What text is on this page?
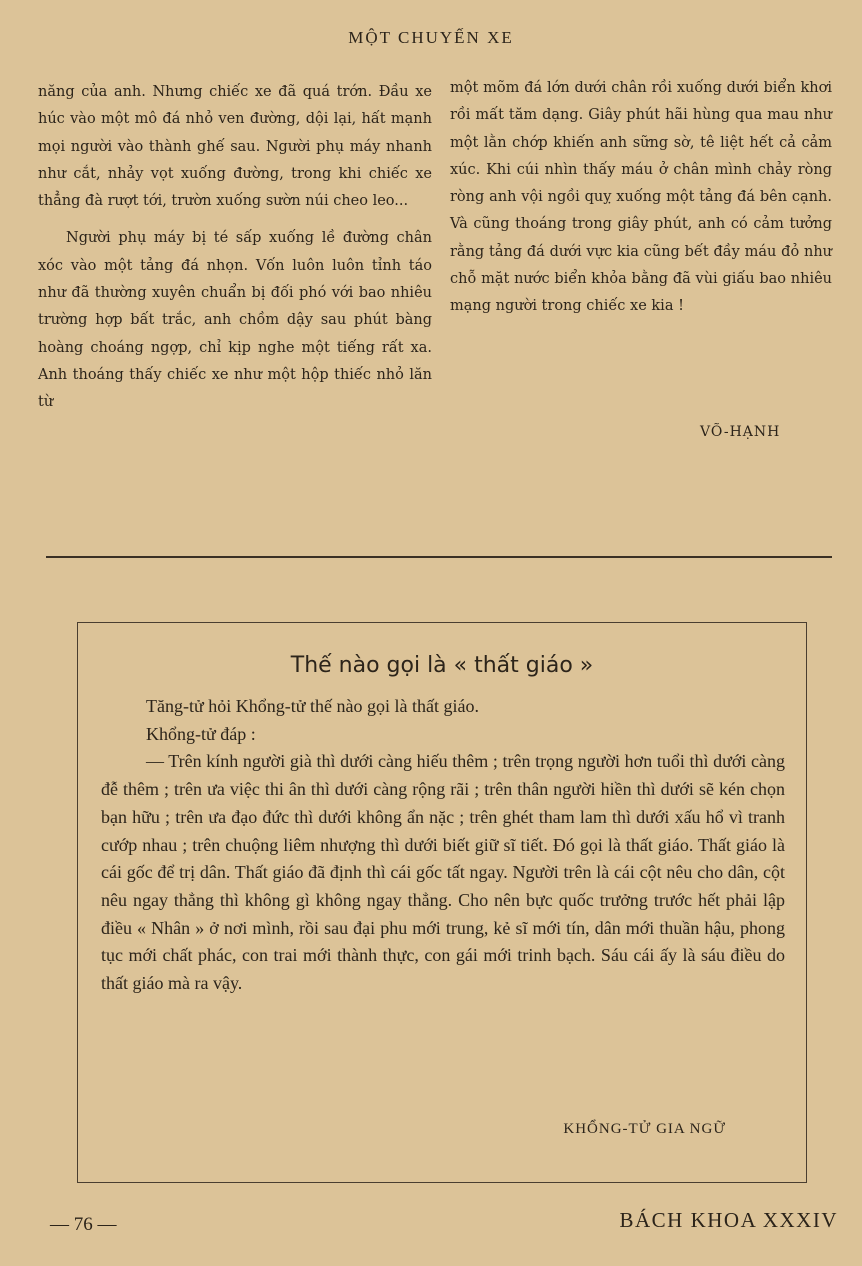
MỘT CHUYẾN XE

năng của anh. Nhưng chiếc xe đã quá trớn. Đầu xe húc vào một mô đá nhỏ ven đường, dội lại, hất mạnh mọi người vào thành ghế sau. Người phụ máy nhanh như cắt, nhảy vọt xuống đường, trong khi chiếc xe thẳng đà rượt tới, trườn xuống sườn núi cheo leo...

Người phụ máy bị té sấp xuống lề đường chân xóc vào một tảng đá nhọn. Vốn luôn luôn tỉnh táo như đã thường xuyên chuẩn bị đối phó với bao nhiêu trường hợp bất trắc, anh chồm dậy sau phút bàng hoàng choáng ngợp, chỉ kịp nghe một tiếng rất xa. Anh thoáng thấy chiếc xe như một hộp thiếc nhỏ lăn từ

một mõm đá lớn dưới chân rồi xuống dưới biển khơi rồi mất tăm dạng. Giây phút hãi hùng qua mau như một lằn chớp khiến anh sững sờ, tê liệt hết cả cảm xúc. Khi cúi nhìn thấy máu ở chân mình chảy ròng ròng anh vội ngồi quỵ xuống một tảng đá bên cạnh. Và cũng thoáng trong giây phút, anh có cảm tưởng rằng tảng đá dưới vực kia cũng bết đầy máu đỏ như chỗ mặt nước biển khỏa bằng đã vùi giấu bao nhiêu mạng người trong chiếc xe kia !

VÕ-HẠNH
Thế nào gọi là « thất giáo »

Tăng-tử hỏi Khổng-tử thế nào gọi là thất giáo.

Khổng-tử đáp :

— Trên kính người già thì dưới càng hiếu thêm ; trên trọng người hơn tuổi thì dưới càng đễ thêm ; trên ưa việc thi ân thì dưới càng rộng rãi ; trên thân người hiền thì dưới sẽ kén chọn bạn hữu ; trên ưa đạo đức thì dưới không ẩn nặc ; trên ghét tham lam thì dưới xấu hổ vì tranh cướp nhau ; trên chuộng liêm nhượng thì dưới biết giữ sĩ tiết. Đó gọi là thất giáo. Thất giáo là cái gốc để trị dân. Thất giáo đã định thì cái gốc tất ngay. Người trên là cái cột nêu cho dân, cột nêu ngay thẳng thì không gì không ngay thẳng. Cho nên bực quốc trưởng trước hết phải lập điều « Nhân » ở nơi mình, rồi sau đại phu mới trung, kẻ sĩ mới tín, dân mới thuần hậu, phong tục mới chất phác, con trai mới thành thực, con gái mới trinh bạch. Sáu cái ấy là sáu điều do thất giáo mà ra vậy.

KHỔNG-TỬ GIA NGỮ
— 76 —	BÁCH KHOA XXXIV
